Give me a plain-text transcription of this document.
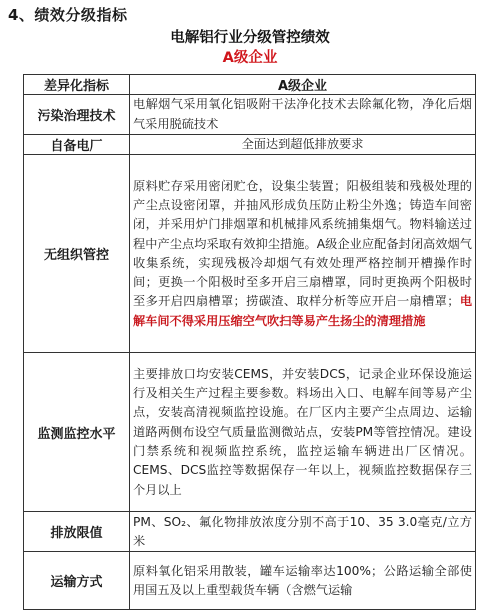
4、绩效分级指标
电解铝行业分级管控绩效
A级企业
差异化指标	A级企业
污染治理技术	电解烟气采用氧化铝吸附干法净化技术去除氟化物，净化后烟气采用脱硫技术
自备电厂	全面达到超低排放要求
无组织管控	原料贮存采用密闭贮仓，设集尘装置；阳极组装和残极处理的产尘点设密闭罩，并抽风形成负压防止粉尘外逸；铸造车间密闭，并采用炉门排烟罩和机械排风系统捕集烟气。物料输送过程中产尘点均采取有效抑尘措施。A级企业应配备封闭高效烟气收集系统，实现残极冷却烟气有效处理严格控制开槽操作时间；更换一个阳极时至多开启三扇槽罩，同时更换两个阳极时至多开启四扇槽罩；捞碳渣、取样分析等应开启一扇槽罩；电解车间不得采用压缩空气吹扫等易产生扬尘的清理措施
监测监控水平	主要排放口均安装CEMS，并安装DCS，记录企业环保设施运行及相关生产过程主要参数。料场出入口、电解车间等易产尘点，安装高清视频监控设施。在厂区内主要产尘点周边、运输道路两侧布设空气质量监测微站点，安装PM等管控情况。建设门禁系统和视频监控系统，监控运输车辆进出厂区情况。CEMS、DCS监控等数据保存一年以上，视频监控数据保存三个月以上
排放限值	PM、SO₂、氟化物排放浓度分别不高于10、35 3.0毫克/立方米
运输方式	原料氧化铝采用散装，罐车运输率达100%；公路运输全部使用国五及以上重型载货车辆（含燃气运输
